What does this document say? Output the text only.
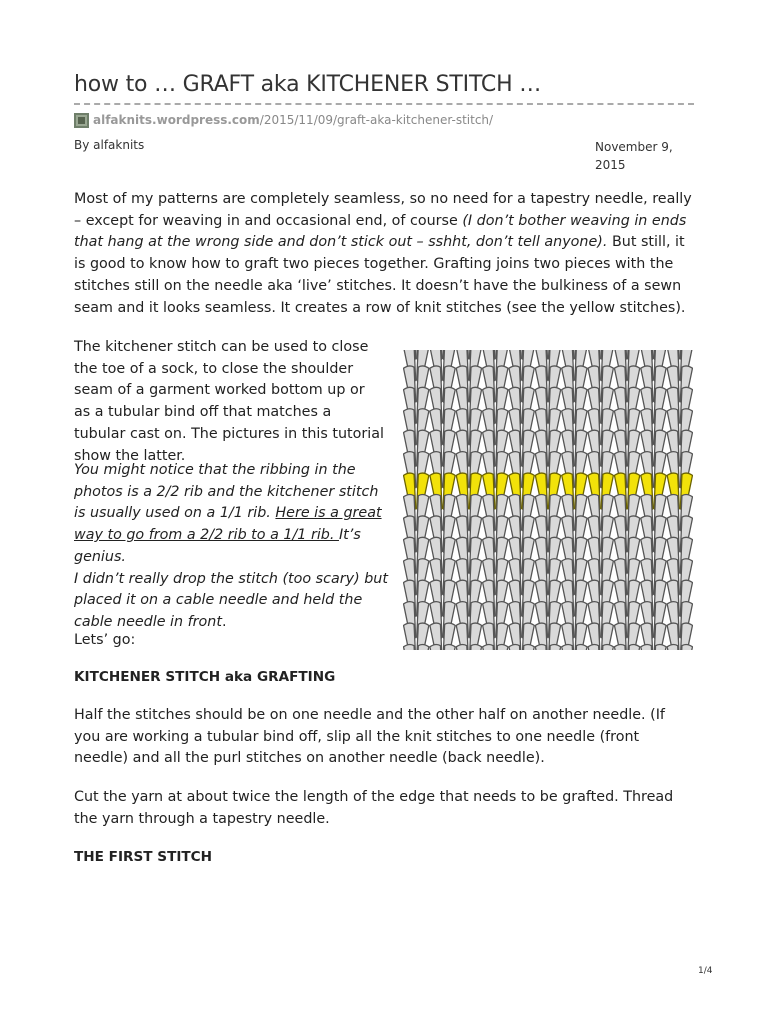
how to … GRAFT aka KITCHENER STITCH …
alfaknits.wordpress.com/2015/11/09/graft-aka-kitchener-stitch/
By alfaknits	November 9, 2015

Most of my patterns are completely seamless, so no need for a tapestry needle, really – except for weaving in and occasional end, of course (I don’t bother weaving in ends that hang at the wrong side and don’t stick out – sshht, don’t tell anyone). But still, it is good to know how to graft two pieces together. Grafting joins two pieces with the stitches still on the needle aka ‘live’ stitches. It doesn’t have the bulkiness of a sewn seam and it looks seamless. It creates a row of knit stitches (see the yellow stitches).

The kitchener stitch can be used to close the toe of a sock, to close the shoulder seam of a garment worked bottom up or as a tubular bind off that matches a tubular cast on. The pictures in this tutorial show the latter.

You might notice that the ribbing in the photos is a 2/2 rib and the kitchener stitch is usually used on a 1/1 rib. Here is a great way to go from a 2/2 rib to a 1/1 rib. It’s genius.
I didn’t really drop the stitch (too scary) but placed it on a cable needle and held the cable needle in front.

Lets’ go:

KITCHENER STITCH aka GRAFTING

Half the stitches should be on one needle and the other half on another needle. (If you are working a tubular bind off, slip all the knit stitches to one needle (front needle) and all the purl stitches on another needle (back needle).

Cut the yarn at about twice the length of the edge that needs to be grafted. Thread the yarn through a tapestry needle.

THE FIRST STITCH

1/4
